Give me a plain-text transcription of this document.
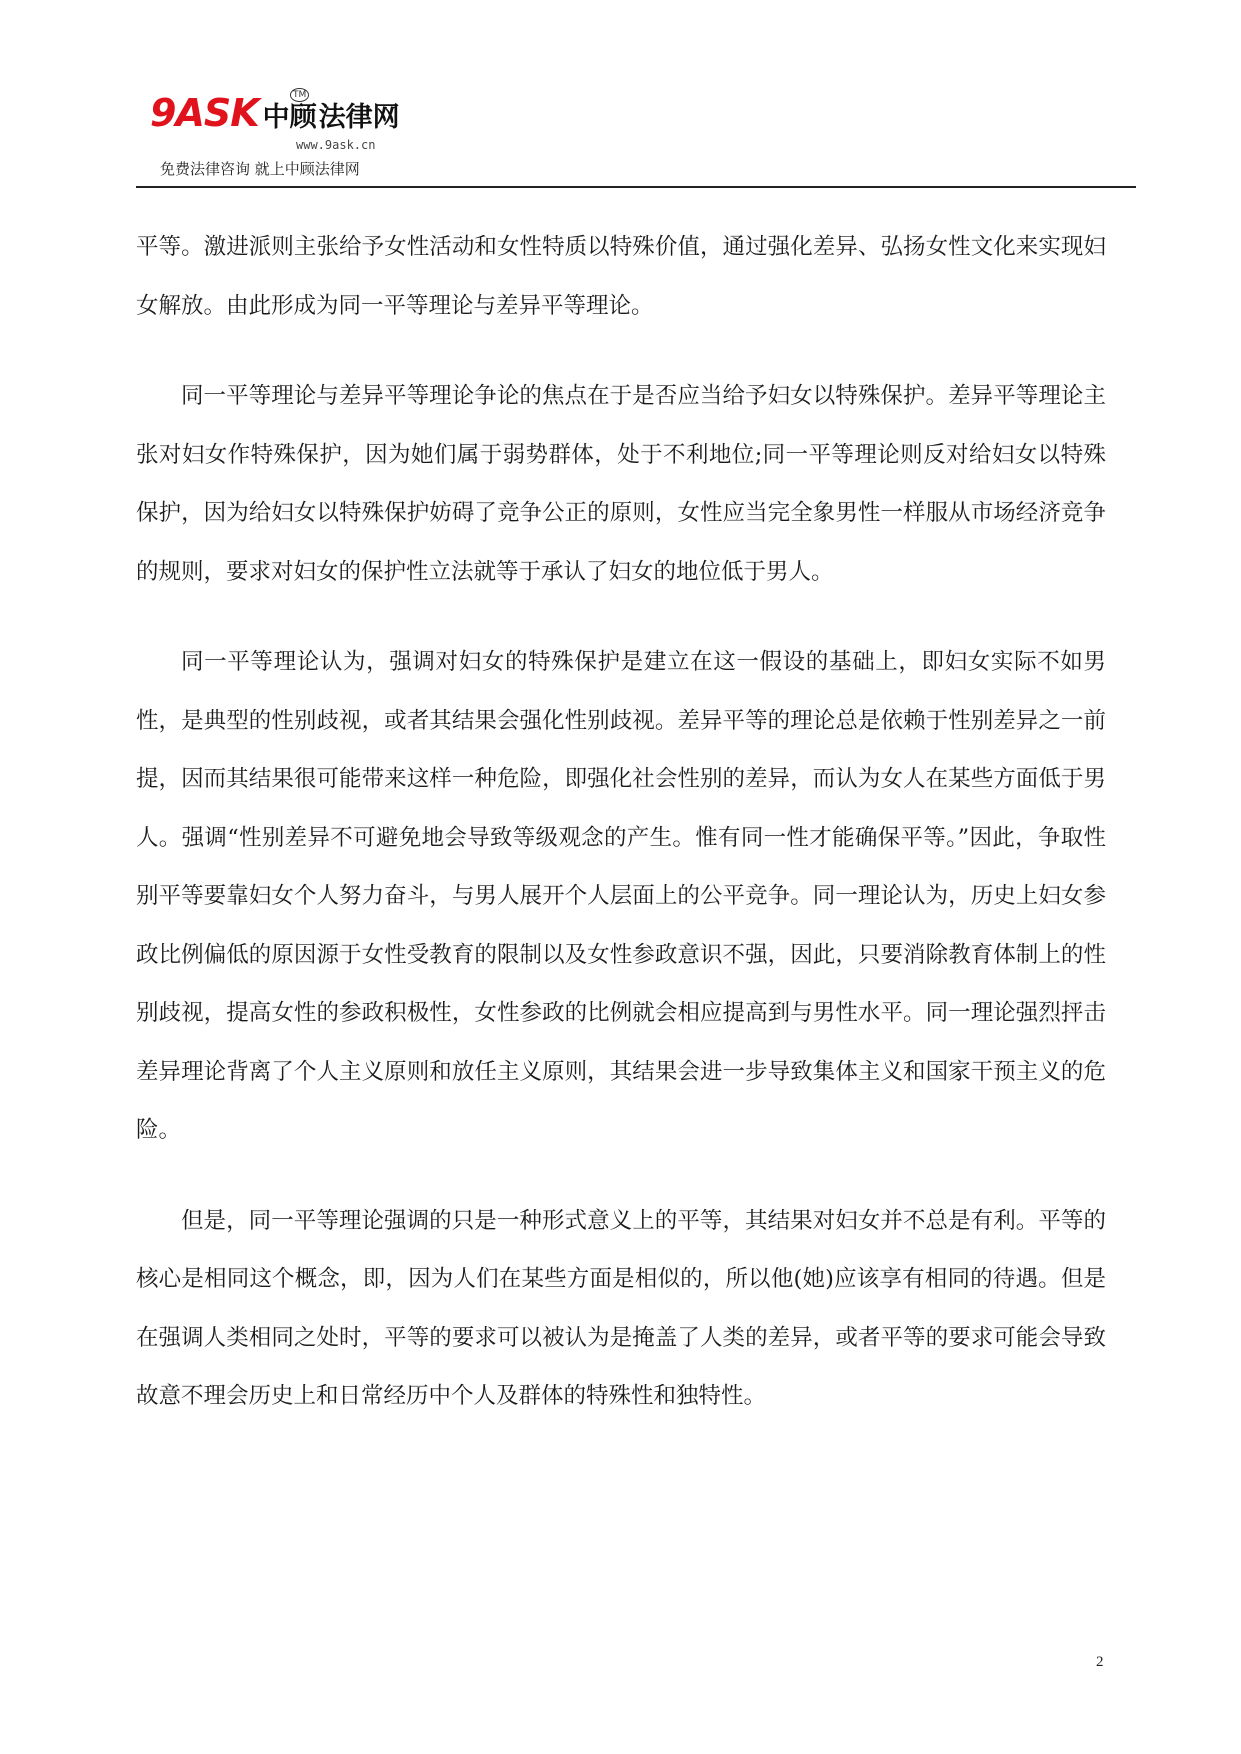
9ASK 中顾法律网
TM
www.9ask.cn
免费法律咨询 就上中顾法律网

平等。激进派则主张给予女性活动和女性特质以特殊价值，通过强化差异、弘扬女性文化来实现妇女解放。由此形成为同一平等理论与差异平等理论。

同一平等理论与差异平等理论争论的焦点在于是否应当给予妇女以特殊保护。差异平等理论主张对妇女作特殊保护，因为她们属于弱势群体，处于不利地位;同一平等理论则反对给妇女以特殊保护，因为给妇女以特殊保护妨碍了竞争公正的原则，女性应当完全象男性一样服从市场经济竞争的规则，要求对妇女的保护性立法就等于承认了妇女的地位低于男人。

同一平等理论认为，强调对妇女的特殊保护是建立在这一假设的基础上，即妇女实际不如男性，是典型的性别歧视，或者其结果会强化性别歧视。差异平等的理论总是依赖于性别差异之一前提，因而其结果很可能带来这样一种危险，即强化社会性别的差异，而认为女人在某些方面低于男人。强调“性别差异不可避免地会导致等级观念的产生。惟有同一性才能确保平等。”因此，争取性别平等要靠妇女个人努力奋斗，与男人展开个人层面上的公平竞争。同一理论认为，历史上妇女参政比例偏低的原因源于女性受教育的限制以及女性参政意识不强，因此，只要消除教育体制上的性别歧视，提高女性的参政积极性，女性参政的比例就会相应提高到与男性水平。同一理论强烈抨击差异理论背离了个人主义原则和放任主义原则，其结果会进一步导致集体主义和国家干预主义的危险。

但是，同一平等理论强调的只是一种形式意义上的平等，其结果对妇女并不总是有利。平等的核心是相同这个概念，即，因为人们在某些方面是相似的，所以他(她)应该享有相同的待遇。但是在强调人类相同之处时，平等的要求可以被认为是掩盖了人类的差异，或者平等的要求可能会导致故意不理会历史上和日常经历中个人及群体的特殊性和独特性。

2
